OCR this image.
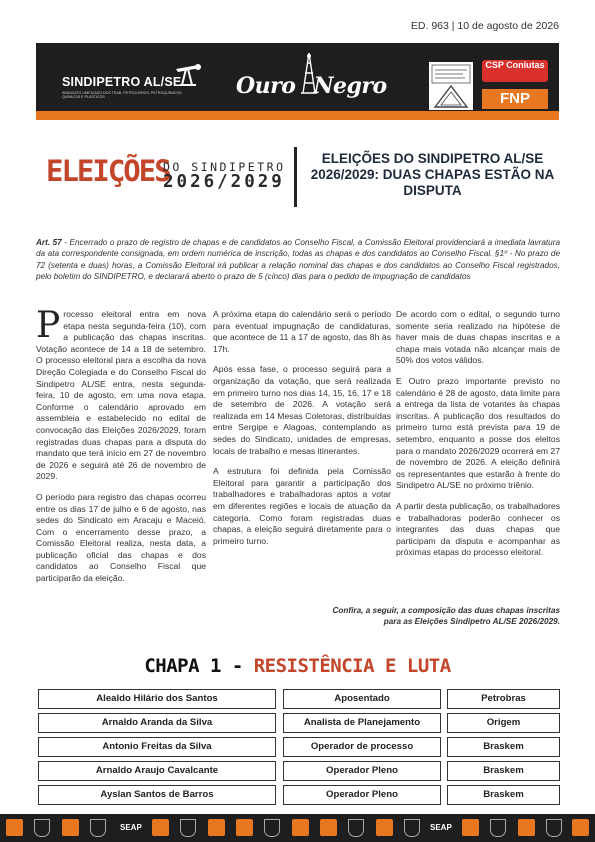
ED. 963 | 10 de agosto de 2026
SINDIPETRO AL/SE
SINDICATO UNIFICADO DOS TRAB. PETROLEIROS, PETROQUÍMICOS, QUÍMICOS E PLÁSTICOS	Ouro Negro
CSP Conlutas
FNP
ELEIÇÕES
DO SINDIPETRO
2026/2029
ELEIÇÕES DO SINDIPETRO AL/SE 2026/2029: DUAS CHAPAS ESTÃO NA DISPUTA
Art. 57 - Encerrado o prazo de registro de chapas e de candidatos ao Conselho Fiscal, a Comissão Eleitoral providenciará a imediata lavratura da ata correspondente consignada, em ordem numérica de inscrição, todas as chapas e dos candidatos ao Conselho Fiscal. §1º - No prazo de 72 (setenta e duas) horas, a Comissão Eleitoral irá publicar a relação nominal das chapas e dos candidatos ao Conselho Fiscal registrados, pelo boletim do SINDIPETRO, e declarará aberto o prazo de 5 (cinco) dias para o pedido de impugnação de candidatos

Processo eleitoral entra em nova etapa nesta segunda-feira (10), com a publicação das chapas inscritas. Votação acontece de 14 a 18 de setembro. O processo eleitoral para a escolha da nova Direção Colegiada e do Conselho Fiscal do Sindipetro AL/SE entra, nesta segunda-feira, 10 de agosto, em uma nova etapa. Conforme o calendário aprovado em assembleia e estabelecido no edital de convocação das Eleições 2026/2029, foram registradas duas chapas para a disputa do mandato que terá início em 27 de novembro de 2026 e seguirá até 26 de novembro de 2029.

O período para registro das chapas ocorreu entre os dias 17 de julho e 6 de agosto, nas sedes do Sindicato em Aracaju e Maceió. Com o encerramento desse prazo, a Comissão Eleitoral realiza, nesta data, a publicação oficial das chapas e dos candidatos ao Conselho Fiscal que participarão da eleição.

A próxima etapa do calendário será o período para eventual impugnação de candidaturas, que acontece de 11 a 17 de agosto, das 8h às 17h.

Após essa fase, o processo seguirá para a organização da votação, que será realizada em primeiro turno nos dias 14, 15, 16, 17 e 18 de setembro de 2026. A votação será realizada em 14 Mesas Coletoras, distribuídas entre Sergipe e Alagoas, contemplando as sedes do Sindicato, unidades de empresas, locais de trabalho e mesas itinerantes.

A estrutura foi definida pela Comissão Eleitoral para garantir a participação dos trabalhadores e trabalhadoras aptos a votar em diferentes regiões e locais de atuação da categoria. Como foram registradas duas chapas, a eleição seguirá diretamente para o primeiro turno.

De acordo com o edital, o segundo turno somente seria realizado na hipótese de haver mais de duas chapas inscritas e a chapa mais votada não alcançar mais de 50% dos votos válidos.

E Outro prazo importante previsto no calendário é 28 de agosto, data limite para a entrega da lista de votantes às chapas inscritas. A publicação dos resultados do primeiro turno está prevista para 19 de setembro, enquanto a posse dos eleitos para o mandato 2026/2029 ocorrerá em 27 de novembro de 2026. A eleição definirá os representantes que estarão à frente do Sindipetro AL/SE no próximo triênio.

A partir desta publicação, os trabalhadores e trabalhadoras poderão conhecer os integrantes das duas chapas que participam da disputa e acompanhar as próximas etapas do processo eleitoral.

Confira, a seguir, a composição das duas chapas inscritas para as Eleições Sindipetro AL/SE 2026/2029.
CHAPA 1 - RESISTÊNCIA E LUTA
Alealdo Hilário dos Santos	Aposentado	Petrobras
Arnaldo Aranda da Silva	Analista de Planejamento	Origem
Antonio Freitas da Silva	Operador de processo	Braskem
Arnaldo Araujo Cavalcante	Operador Pleno	Braskem
Ayslan Santos de Barros	Operador Pleno	Braskem
SEAP	SEAP
